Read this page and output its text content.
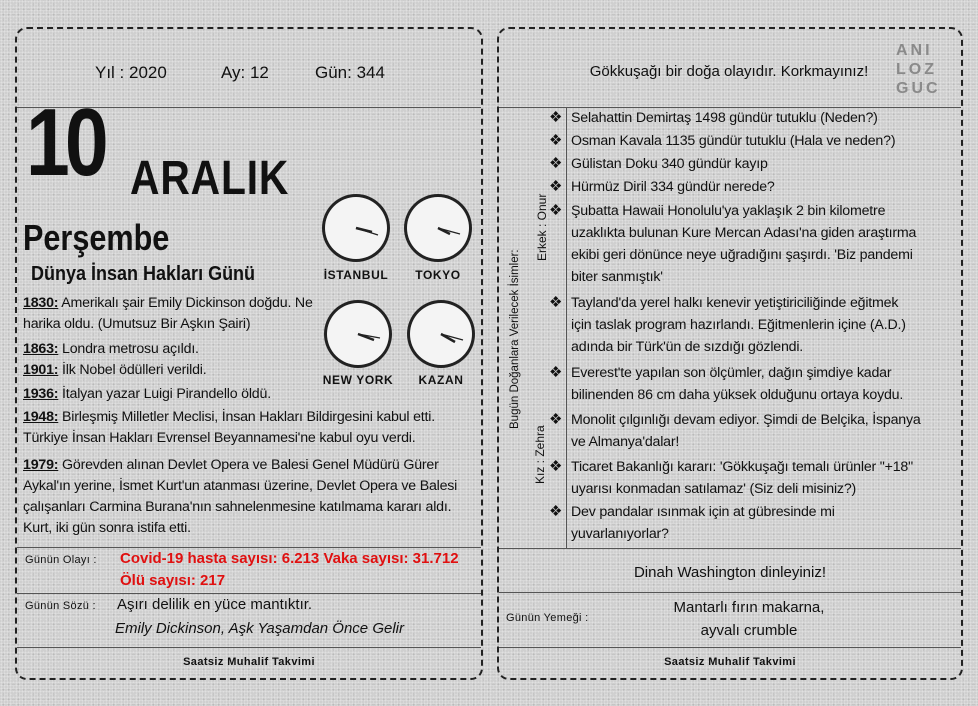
Yıl : 2020	Ay: 12	Gün: 344
10 ARALIK
Perşembe
Dünya İnsan Hakları Günü	İSTANBUL	TOKYO
NEW YORK	KAZAN
1830: Amerikalı şair Emily Dickinson doğdu. Ne harika oldu. (Umutsuz Bir Aşkın Şairi)
1863: Londra metrosu açıldı.
1901: İlk Nobel ödülleri verildi.
1936: İtalyan yazar Luigi Pirandello öldü.
1948: Birleşmiş Milletler Meclisi, İnsan Hakları Bildirgesini kabul etti. Türkiye İnsan Hakları Evrensel Beyannamesi'ne kabul oyu verdi.
1979: Görevden alınan Devlet Opera ve Balesi Genel Müdürü Gürer Aykal'ın yerine, İsmet Kurt'un atanması üzerine, Devlet Opera ve Balesi çalışanları Carmina Burana'nın sahnelenmesine katılmama kararı aldı. Kurt, iki gün sonra istifa etti.
Günün Olayı : Covid-19 hasta sayısı: 6.213 Vaka sayısı: 31.712
Ölü sayısı: 217
Günün Sözü : Aşırı delilik en yüce mantıktır.
Emily Dickinson, Aşk Yaşamdan Önce Gelir
Saatsiz Muhalif Takvimi
Gökkuşağı bir doğa olayıdır. Korkmayınız!
ANI
LOZ
GUC
Bugün Doğanlara Verilecek İsimler:
Erkek : Onur
Kız : Zehra
❖ Selahattin Demirtaş 1498 gündür tutuklu (Neden?)
❖ Osman Kavala 1135 gündür tutuklu (Hala ve neden?)
❖ Gülistan Doku 340 gündür kayıp
❖ Hürmüz Diril 334 gündür nerede?
❖ Şubatta Hawaii Honolulu'ya yaklaşık 2 bin kilometre uzaklıkta bulunan Kure Mercan Adası'na giden araştırma ekibi geri dönünce neye uğradığını şaşırdı. 'Biz pandemi biter sanmıştık'
❖ Tayland'da yerel halkı kenevir yetiştiriciliğinde eğitmek için taslak program hazırlandı. Eğitmenlerin içine (A.D.) adında bir Türk'ün de sızdığı gözlendi.
❖ Everest'te yapılan son ölçümler, dağın şimdiye kadar bilinenden 86 cm daha yüksek olduğunu ortaya koydu.
❖ Monolit çılgınlığı devam ediyor. Şimdi de Belçika, İspanya ve Almanya'dalar!
❖ Ticaret Bakanlığı kararı: 'Gökkuşağı temalı ürünler "+18" uyarısı konmadan satılamaz' (Siz deli misiniz?)
❖ Dev pandalar ısınmak için at gübresinde mi yuvarlanıyorlar?
Dinah Washington dinleyiniz!
Günün Yemeği :
Mantarlı fırın makarna,
ayvalı crumble
Saatsiz Muhalif Takvimi
